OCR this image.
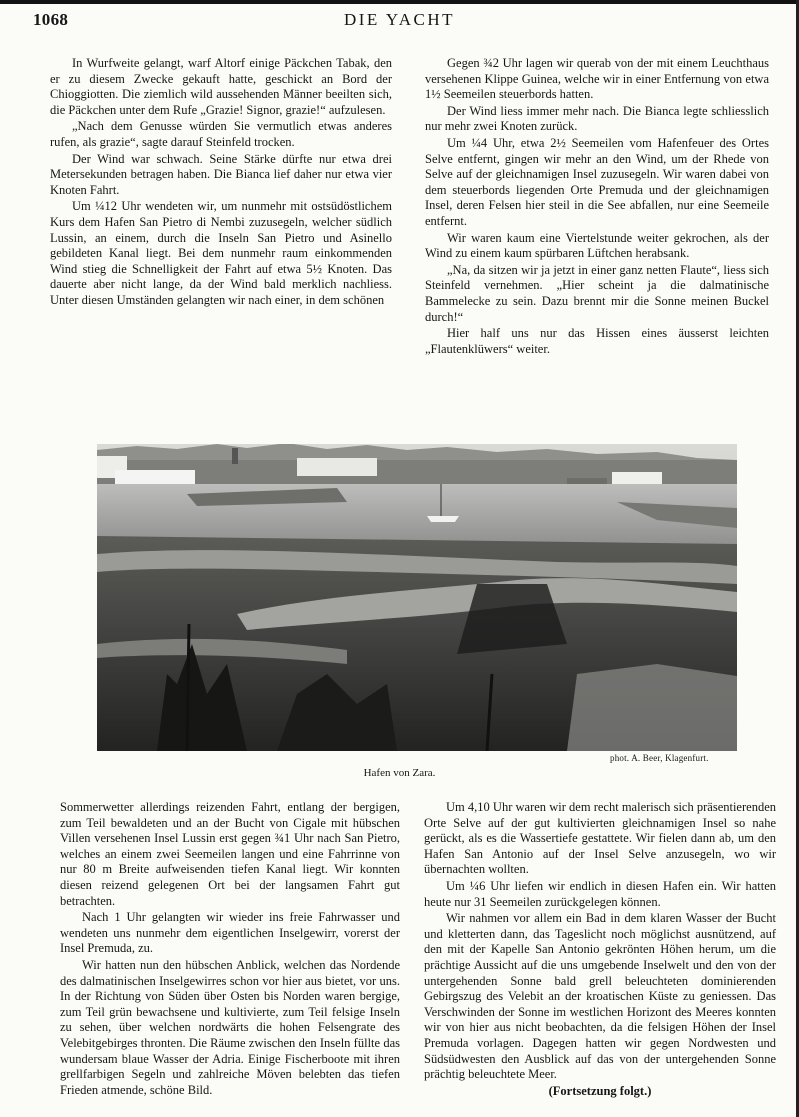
1068	DIE YACHT

In Wurfweite gelangt, warf Altorf einige Päckchen Tabak, den er zu diesem Zwecke gekauft hatte, geschickt an Bord der Chioggiotten. Die ziemlich wild aussehenden Männer beeilten sich, die Päckchen unter dem Rufe „Grazie! Signor, grazie!“ aufzulesen.

„Nach dem Genusse würden Sie vermutlich etwas anderes rufen, als grazie“, sagte darauf Steinfeld trocken.

Der Wind war schwach. Seine Stärke dürfte nur etwa drei Metersekunden betragen haben. Die Bianca lief daher nur etwa vier Knoten Fahrt.

Um ¼12 Uhr wendeten wir, um nunmehr mit ostsüdöstlichem Kurs dem Hafen San Pietro di Nembi zuzusegeln, welcher südlich Lussin, an einem, durch die Inseln San Pietro und Asinello gebildeten Kanal liegt. Bei dem nunmehr raum einkommenden Wind stieg die Schnelligkeit der Fahrt auf etwa 5½ Knoten. Das dauerte aber nicht lange, da der Wind bald merklich nachliess. Unter diesen Umständen gelangten wir nach einer, in dem schönen

Gegen ¾2 Uhr lagen wir querab von der mit einem Leuchthaus versehenen Klippe Guinea, welche wir in einer Entfernung von etwa 1½ Seemeilen steuerbords hatten.

Der Wind liess immer mehr nach. Die Bianca legte schliesslich nur mehr zwei Knoten zurück.

Um ¼4 Uhr, etwa 2½ Seemeilen vom Hafenfeuer des Ortes Selve entfernt, gingen wir mehr an den Wind, um der Rhede von Selve auf der gleichnamigen Insel zuzusegeln. Wir waren dabei von dem steuerbords liegenden Orte Premuda und der gleichnamigen Insel, deren Felsen hier steil in die See abfallen, nur eine Seemeile entfernt.

Wir waren kaum eine Viertelstunde weiter gekrochen, als der Wind zu einem kaum spürbaren Lüftchen herabsank.

„Na, da sitzen wir ja jetzt in einer ganz netten Flaute“, liess sich Steinfeld vernehmen. „Hier scheint ja die dalmatinische Bammelecke zu sein. Dazu brennt mir die Sonne meinen Buckel durch!“

Hier half uns nur das Hissen eines äusserst leichten „Flautenklüwers“ weiter.

phot. A. Beer, Klagenfurt.
Hafen von Zara.

Sommerwetter allerdings reizenden Fahrt, entlang der bergigen, zum Teil bewaldeten und an der Bucht von Cigale mit hübschen Villen versehenen Insel Lussin erst gegen ¾1 Uhr nach San Pietro, welches an einem zwei Seemeilen langen und eine Fahrrinne von nur 80 m Breite aufweisenden tiefen Kanal liegt. Wir konnten diesen reizend gelegenen Ort bei der langsamen Fahrt gut betrachten.

Nach 1 Uhr gelangten wir wieder ins freie Fahrwasser und wendeten uns nunmehr dem eigentlichen Inselgewirr, vorerst der Insel Premuda, zu.

Wir hatten nun den hübschen Anblick, welchen das Nordende des dalmatinischen Inselgewirres schon vor hier aus bietet, vor uns. In der Richtung von Süden über Osten bis Norden waren bergige, zum Teil grün bewachsene und kultivierte, zum Teil felsige Inseln zu sehen, über welchen nordwärts die hohen Felsengrate des Velebitgebirges thronten. Die Räume zwischen den Inseln füllte das wundersam blaue Wasser der Adria. Einige Fischerboote mit ihren grellfarbigen Segeln und zahlreiche Möven belebten das tiefen Frieden atmende, schöne Bild.

Um 4,10 Uhr waren wir dem recht malerisch sich präsentierenden Orte Selve auf der gut kultivierten gleichnamigen Insel so nahe gerückt, als es die Wassertiefe gestattete. Wir fielen dann ab, um den Hafen San Antonio auf der Insel Selve anzusegeln, wo wir übernachten wollten.

Um ¼6 Uhr liefen wir endlich in diesen Hafen ein. Wir hatten heute nur 31 Seemeilen zurückgelegen können.

Wir nahmen vor allem ein Bad in dem klaren Wasser der Bucht und kletterten dann, das Tageslicht noch möglichst ausnützend, auf den mit der Kapelle San Antonio gekrönten Höhen herum, um die prächtige Aussicht auf die uns umgebende Inselwelt und den von der untergehenden Sonne bald grell beleuchteten dominierenden Gebirgszug des Velebit an der kroatischen Küste zu geniessen. Das Verschwinden der Sonne im westlichen Horizont des Meeres konnten wir von hier aus nicht beobachten, da die felsigen Höhen der Insel Premuda vorlagen. Dagegen hatten wir gegen Nordwesten und Südsüdwesten den Ausblick auf das von der untergehenden Sonne prächtig beleuchtete Meer.

(Fortsetzung folgt.)
